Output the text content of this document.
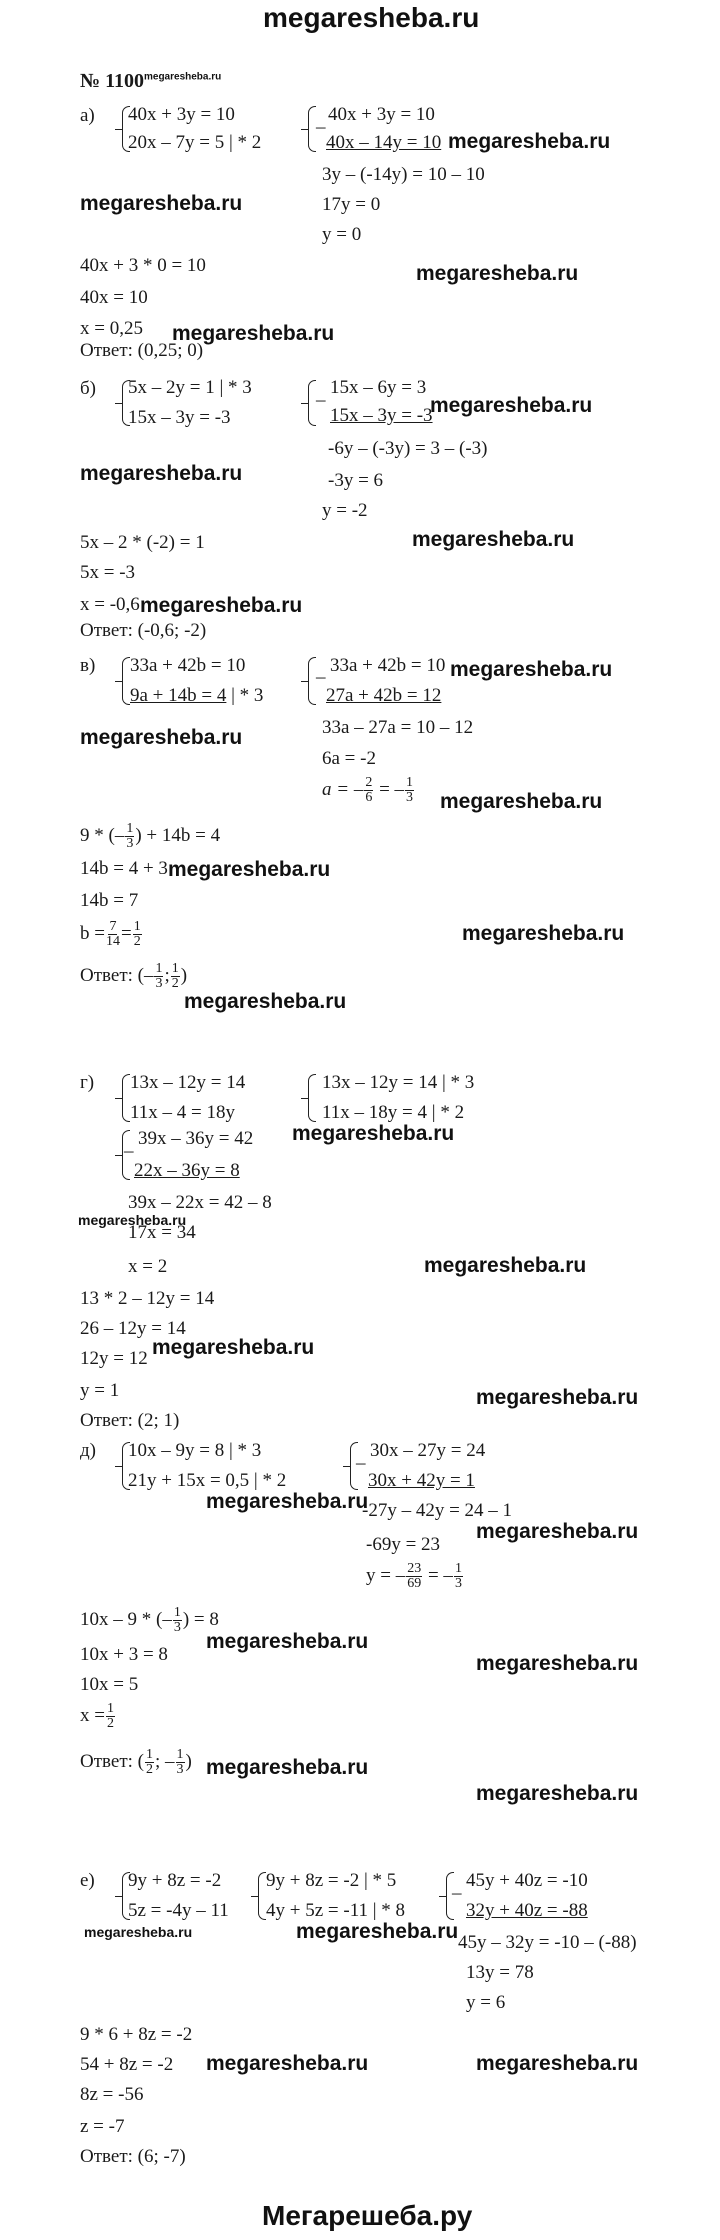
megaresheba.ru
Мегарешеба.ру
№ $1100^{megaresheba.ru}$
а) 40x + 3y = 10
20x – 7y = 5 | * 2
_ 40x + 3y = 10
40x – 14y = 10
3y – (-14y) = 10 – 10
17y = 0
y = 0
40x + 3 * 0 = 10
40x = 10
x = 0,25
Ответ: (0,25; 0)
б) 5x – 2y = 1 | * 3
15x – 3y = -3
_ 15x – 6y = 3
15x – 3y = -3
-6y – (-3y) = 3 – (-3)
-3y = 6
y = -2
5x – 2 * (-2) = 1
5x = -3
x = -0,6
Ответ: (-0,6; -2)
в) 33a + 42b = 10
9a + 14b = 4 | * 3
_ 33a + 42b = 10
27a + 42b = 12
33a – 27a = 10 – 12
6a = -2
a = – $\frac{2}{6}$ = – $\frac{1}{3}$
9 * (– $\frac{1}{3}$ ) + 14b = 4
14b = 4 + 3
14b = 7
$b = \frac{7}{14} = \frac{1}{2}$
Ответ: (– $\frac{1}{3}$ ; $\frac{1}{2}$ )
г) 13x – 12y = 14
11x – 4 = 18y
13x – 12y = 14 | * 3
11x – 18y = 4 | * 2
_ 39x – 36y = 42
22x – 36y = 8
39x – 22x = 42 – 8
17x = 34
x = 2
13 * 2 – 12y = 14
26 – 12y = 14
12y = 12
y = 1
Ответ: (2; 1)
д) 10x – 9y = 8 | * 3
21y + 15x = 0,5 | * 2
_ 30x – 27y = 24
30x + 42y = 1
-27y – 42y = 24 – 1
-69y = 23
y = – $\frac{23}{69}$ = – $\frac{1}{3}$
10x – 9 * (– $\frac{1}{3}$ ) = 8
10x + 3 = 8
10x = 5
$x = \frac{1}{2}$
Ответ: ( $\frac{1}{2}$ ; – $\frac{1}{3}$ )
е) 9y + 8z = -2
5z = -4y – 11
9y + 8z = -2 | * 5
4y + 5z = -11 | * 8
_ 45y + 40z = -10
32y + 40z = -88
45y – 32y = -10 – (-88)
13y = 78
y = 6
9 * 6 + 8z = -2
54 + 8z = -2
8z = -56
z = -7
Ответ: (6; -7)
megaresheba.ru
megaresheba.ru
megaresheba.ru
megaresheba.ru
megaresheba.ru
megaresheba.ru
megaresheba.ru
megaresheba.ru
megaresheba.ru
megaresheba.ru
megaresheba.ru
megaresheba.ru
megaresheba.ru
megaresheba.ru
megaresheba.ru
megaresheba.ru
megaresheba.ru
megaresheba.ru
megaresheba.ru
megaresheba.ru
megaresheba.ru
megaresheba.ru
megaresheba.ru
megaresheba.ru
megaresheba.ru
megaresheba.ru
megaresheba.ru
megaresheba.ru	megaresheba.ru
